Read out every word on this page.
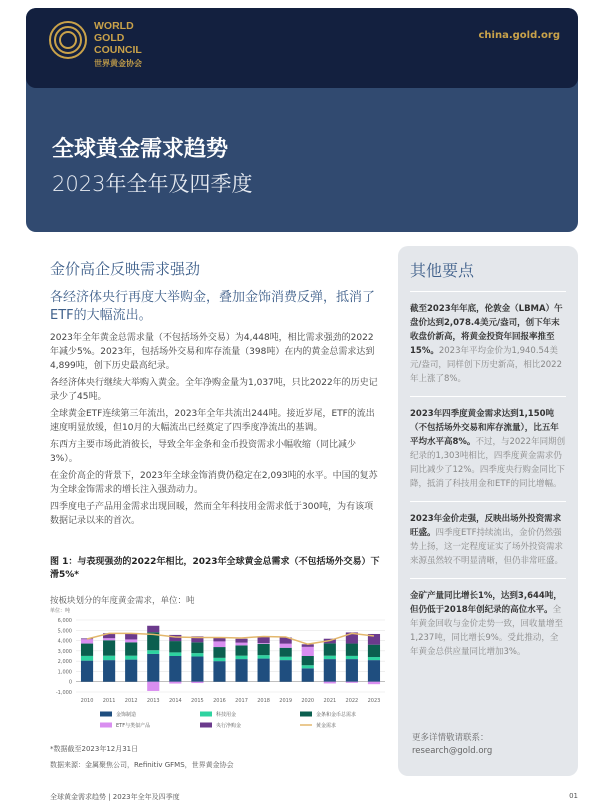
WORLD
GOLD
COUNCIL
世界黄金协会
china.gold.org
全球黄金需求趋势
2023年全年及四季度
金价高企反映需求强劲
各经济体央行再度大举购金，叠加金饰消费反弹，抵消了ETF的大幅流出。

2023年全年黄金总需求量（不包括场外交易）为4,448吨，相比需求强劲的2022年减少5%。2023年，包括场外交易和库存流量（398吨）在内的黄金总需求达到4,899吨，创下历史最高纪录。

各经济体央行继续大举购入黄金。全年净购金量为1,037吨，只比2022年的历史记录少了45吨。

全球黄金ETF连续第三年流出，2023年全年共流出244吨。接近岁尾，ETF的流出速度明显放缓，但10月的大幅流出已经奠定了四季度净流出的基调。

东西方主要市场此消彼长，导致全年金条和金币投资需求小幅收缩（同比减少3%）。

在金价高企的背景下，2023年全球金饰消费仍稳定在2,093吨的水平。中国的复苏为全球金饰需求的增长注入强劲动力。

四季度电子产品用金需求出现回暖，然而全年科技用金需求低于300吨，为有该项数据记录以来的首次。

其他要点
截至2023年年底，伦敦金（LBMA）午盘价达到2,078.4美元/盎司，创下年末收盘价新高，将黄金投资年回报率推至15%。2023年平均金价为1,940.54美元/盎司，同样创下历史新高，相比2022年上涨了8%。
2023年四季度黄金需求达到1,150吨（不包括场外交易和库存流量），比五年平均水平高8%。不过，与2022年同期创纪录的1,303吨相比，四季度黄金需求仍同比减少了12%。四季度央行购金同比下降，抵消了科技用金和ETF的同比增幅。
2023年金价走强，反映出场外投资需求旺盛。四季度ETF持续流出，金价仍然强势上扬，这一定程度证实了场外投资需求来源虽然较不明显清晰，但仍非常旺盛。
金矿产量同比增长1%，达到3,644吨，但仍低于2018年创纪录的高位水平。全年黄金回收与金价走势一致，回收量增至1,237吨，同比增长9%。受此推动，全年黄金总供应量同比增加3%。
更多详情敬请联系：
research@gold.org
图 1：与表现强劲的2022年相比，2023年全球黄金总需求（不包括场外交易）下滑5%*
按板块划分的年度黄金需求，单位：吨
单位：吨
-1,000
0
1,000
2,000
3,000
4,000
5,000
6,000
2010 2011 2012 2013 2014 2015 2016 2017 2018 2019 2020 2021 2022 2023
金饰制造	科技用金	金条和金币总需求
ETF与类似产品	央行净购金	黄金需求
*数据截至2023年12月31日
数据来源：金属聚焦公司，Refinitiv GFMS，世界黄金协会
全球黄金需求趋势 | 2023年全年及四季度	01
